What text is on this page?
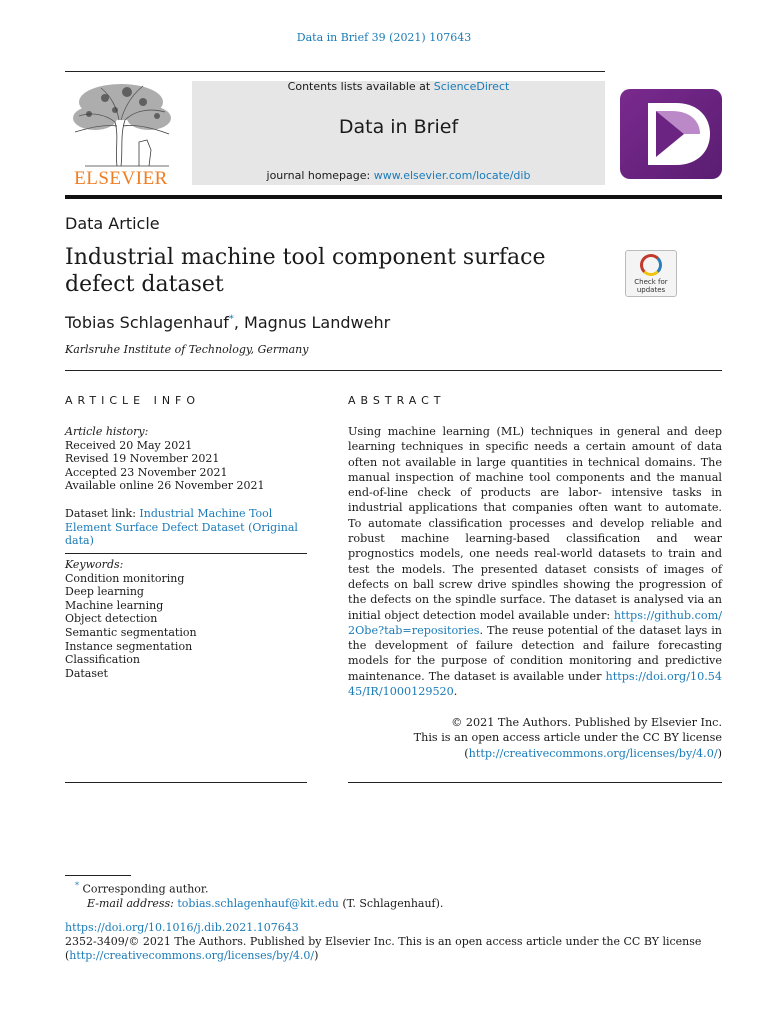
Data in Brief 39 (2021) 107643
ELSEVIER
Contents lists available at ScienceDirect
Data in Brief
journal homepage: www.elsevier.com/locate/dib
Data Article
Industrial machine tool component surface defect dataset	Check for updates
Tobias Schlagenhauf*, Magnus Landwehr
Karlsruhe Institute of Technology, Germany
ARTICLE INFO	ABSTRACT
Article history:
Received 20 May 2021
Revised 19 November 2021
Accepted 23 November 2021
Available online 26 November 2021
Dataset link: Industrial Machine Tool Element Surface Defect Dataset (Original data)
Keywords:
Condition monitoring
Deep learning
Machine learning
Object detection
Semantic segmentation
Instance segmentation
Classification
Dataset
Using machine learning (ML) techniques in general and deep learning techniques in specific needs a certain amount of data often not available in large quantities in technical domains. The manual inspection of machine tool components and the manual end-of-line check of products are labor- intensive tasks in industrial applications that companies often want to automate. To automate classification processes and develop reliable and robust machine learning-based classification and wear prognostics models, one needs real-world datasets to train and test the models. The presented dataset consists of images of defects on ball screw drive spindles showing the progression of the defects on the spindle surface. The dataset is analysed via an initial object detection model available under: https://github.com/2Obe?tab=repositories. The reuse potential of the dataset lays in the development of failure detection and failure forecasting models for the purpose of condition monitoring and predictive maintenance. The dataset is available under https://doi.org/10.5445/IR/1000129520.
© 2021 The Authors. Published by Elsevier Inc.
This is an open access article under the CC BY license
(http://creativecommons.org/licenses/by/4.0/)
* Corresponding author.
E-mail address: tobias.schlagenhauf@kit.edu (T. Schlagenhauf).
https://doi.org/10.1016/j.dib.2021.107643
2352-3409/© 2021 The Authors. Published by Elsevier Inc. This is an open access article under the CC BY license
(http://creativecommons.org/licenses/by/4.0/)
